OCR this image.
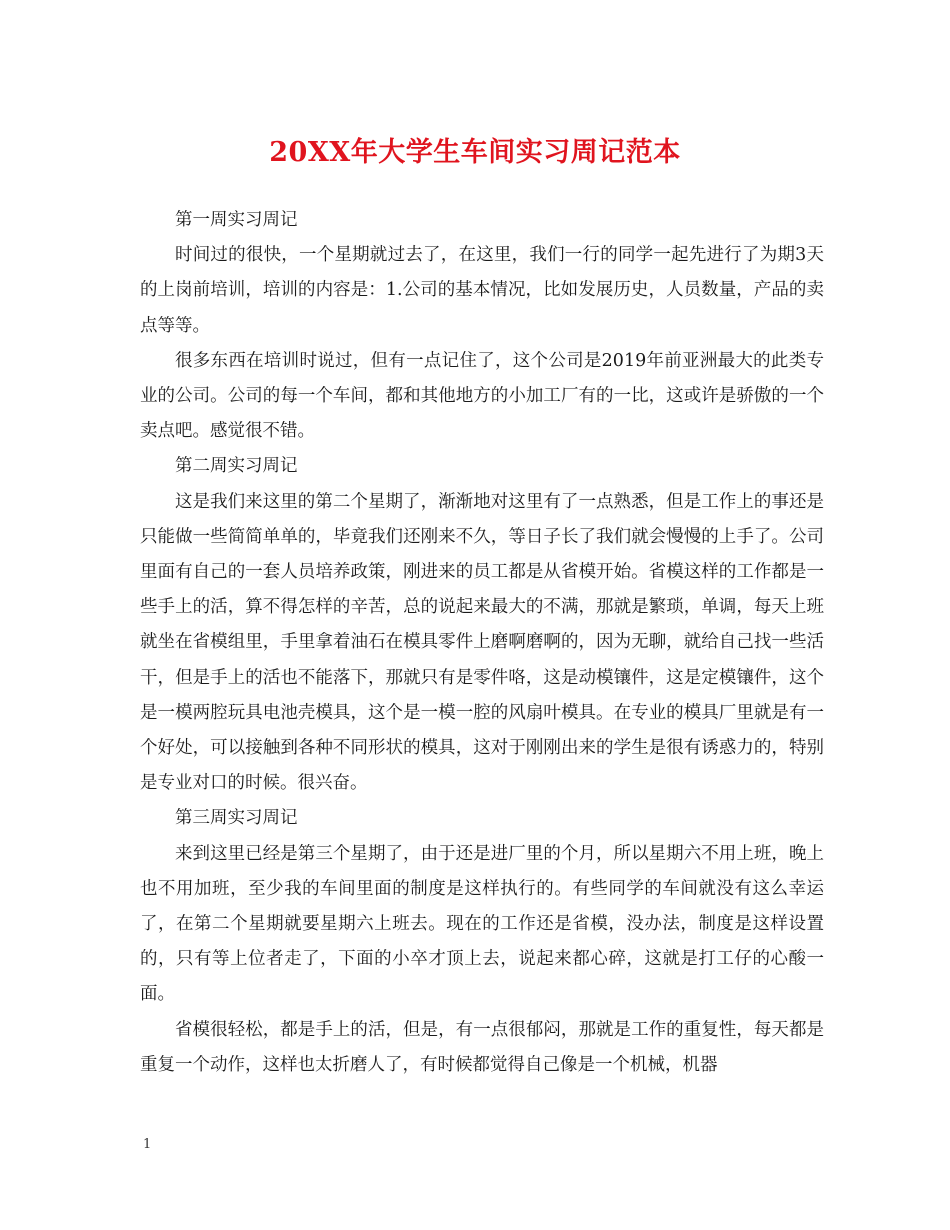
20XX年大学生车间实习周记范本

第一周实习周记

时间过的很快，一个星期就过去了，在这里，我们一行的同学一起先进行了为期3天的上岗前培训，培训的内容是：1.公司的基本情况，比如发展历史，人员数量，产品的卖点等等。

很多东西在培训时说过，但有一点记住了，这个公司是2019年前亚洲最大的此类专业的公司。公司的每一个车间，都和其他地方的小加工厂有的一比，这或许是骄傲的一个卖点吧。感觉很不错。

第二周实习周记

这是我们来这里的第二个星期了，渐渐地对这里有了一点熟悉，但是工作上的事还是只能做一些简简单单的，毕竟我们还刚来不久，等日子长了我们就会慢慢的上手了。公司里面有自己的一套人员培养政策，刚进来的员工都是从省模开始。省模这样的工作都是一些手上的活，算不得怎样的辛苦，总的说起来最大的不满，那就是繁琐，单调，每天上班就坐在省模组里，手里拿着油石在模具零件上磨啊磨啊的，因为无聊，就给自己找一些活干，但是手上的活也不能落下，那就只有是零件咯，这是动模镶件，这是定模镶件，这个是一模两腔玩具电池壳模具，这个是一模一腔的风扇叶模具。在专业的模具厂里就是有一个好处，可以接触到各种不同形状的模具，这对于刚刚出来的学生是很有诱惑力的，特别是专业对口的时候。很兴奋。

第三周实习周记

来到这里已经是第三个星期了，由于还是进厂里的个月，所以星期六不用上班，晚上也不用加班，至少我的车间里面的制度是这样执行的。有些同学的车间就没有这么幸运了，在第二个星期就要星期六上班去。现在的工作还是省模，没办法，制度是这样设置的，只有等上位者走了，下面的小卒才顶上去，说起来都心碎，这就是打工仔的心酸一面。

省模很轻松，都是手上的活，但是，有一点很郁闷，那就是工作的重复性，每天都是重复一个动作，这样也太折磨人了，有时候都觉得自己像是一个机械，机器

1
